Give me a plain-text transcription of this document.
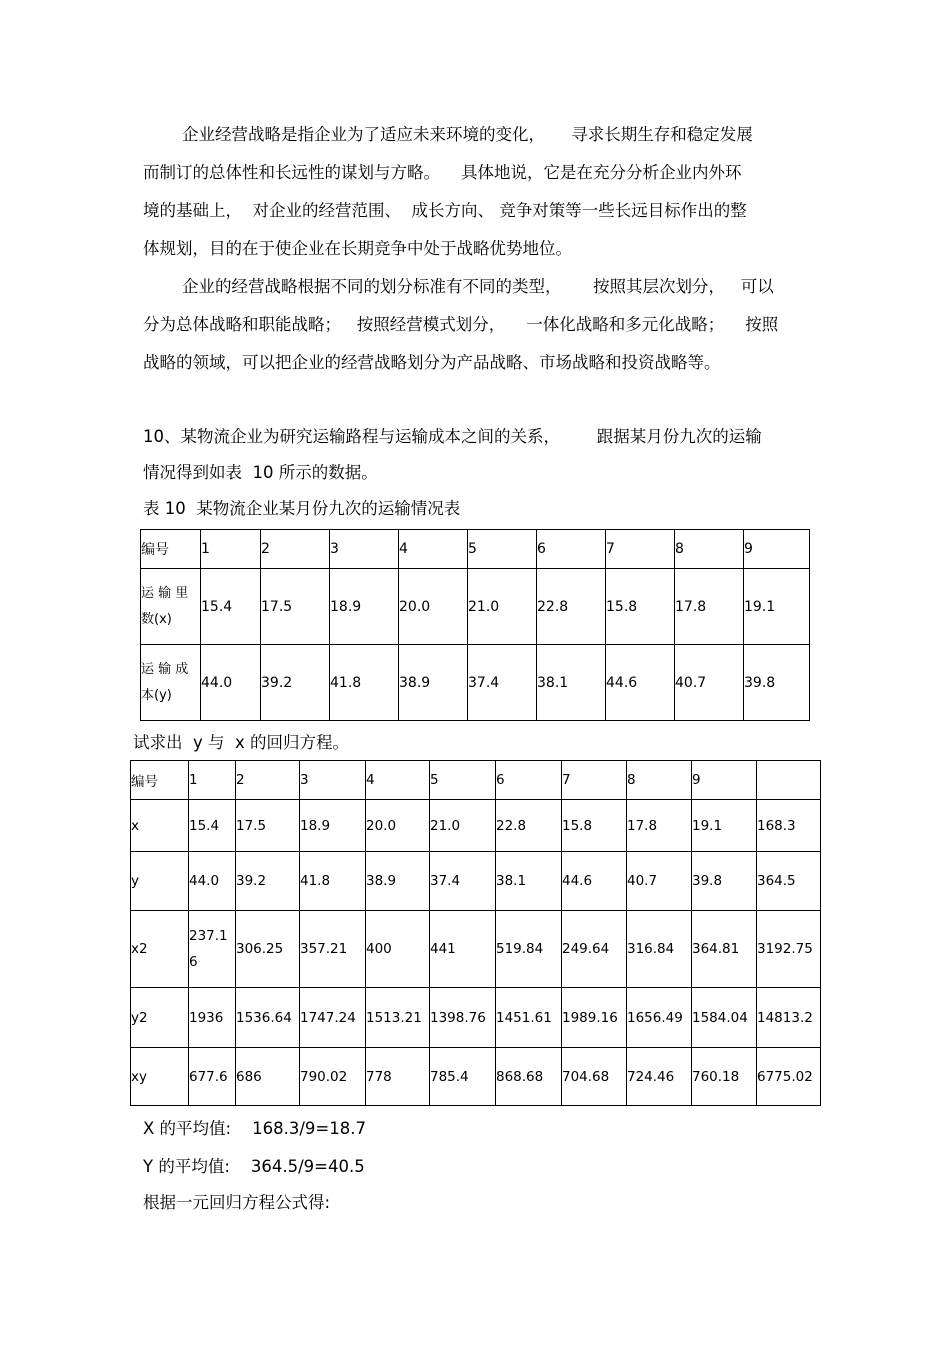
企业经营战略是指企业为了适应未来环境的变化，     寻求长期生存和稳定发展
而制订的总体性和长远性的谋划与方略。    具体地说，它是在充分分析企业内外环
境的基础上，  对企业的经营范围、  成长方向、 竞争对策等一些长远目标作出的整
体规划，目的在于使企业在长期竞争中处于战略优势地位。
企业的经营战略根据不同的划分标准有不同的类型，      按照其层次划分，   可以
分为总体战略和职能战略；   按照经营模式划分，    一体化战略和多元化战略；    按照
战略的领域，可以把企业的经营战略划分为产品战略、市场战略和投资战略等。
10、某物流企业为研究运输路程与运输成本之间的关系，       跟据某月份九次的运输
情况得到如表  10 所示的数据。
表 10  某物流企业某月份九次的运输情况表
编号	1	2	3	4	5	6	7	8	9
运 输 里 数(x)	15.4	17.5	18.9	20.0	21.0	22.8	15.8	17.8	19.1
运 输 成 本(y)	44.0	39.2	41.8	38.9	37.4	38.1	44.6	40.7	39.8
试求出  y 与  x 的回归方程。
编号	1	2	3	4	5	6	7	8	9	
x	15.4	17.5	18.9	20.0	21.0	22.8	15.8	17.8	19.1	168.3
y	44.0	39.2	41.8	38.9	37.4	38.1	44.6	40.7	39.8	364.5
x2	237.16	306.25	357.21	400	441	519.84	249.64	316.84	364.81	3192.75
y2	1936	1536.64	1747.24	1513.21	1398.76	1451.61	1989.16	1656.49	1584.04	14813.2
xy	677.6	686	790.02	778	785.4	868.68	704.68	724.46	760.18	6775.02
X 的平均值:    168.3/9=18.7
Y 的平均值:    364.5/9=40.5
根据一元回归方程公式得:
